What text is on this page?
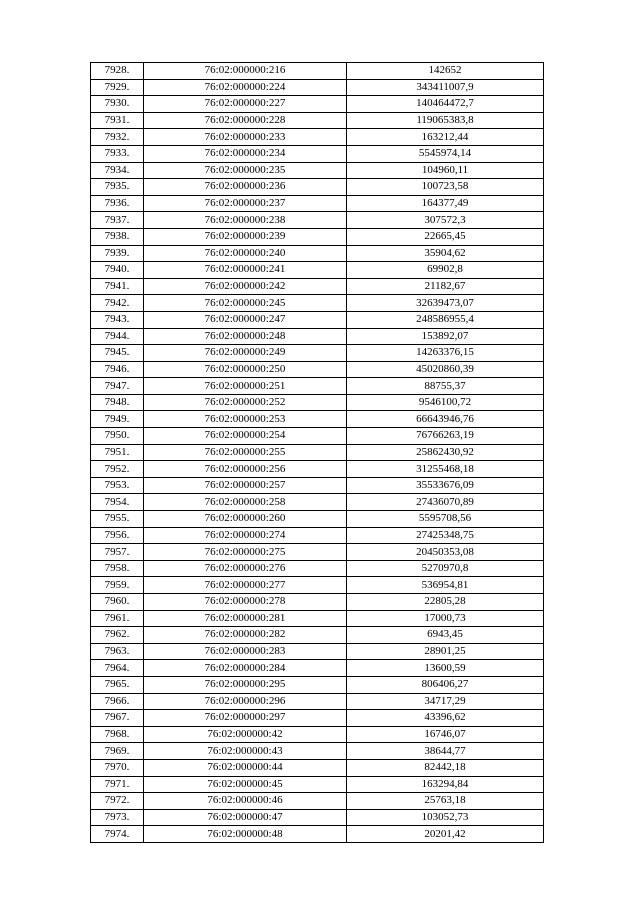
7928.	76:02:000000:216	142652
7929.	76:02:000000:224	343411007,9
7930.	76:02:000000:227	140464472,7
7931.	76:02:000000:228	119065383,8
7932.	76:02:000000:233	163212,44
7933.	76:02:000000:234	5545974,14
7934.	76:02:000000:235	104960,11
7935.	76:02:000000:236	100723,58
7936.	76:02:000000:237	164377,49
7937.	76:02:000000:238	307572,3
7938.	76:02:000000:239	22665,45
7939.	76:02:000000:240	35904,62
7940.	76:02:000000:241	69902,8
7941.	76:02:000000:242	21182,67
7942.	76:02:000000:245	32639473,07
7943.	76:02:000000:247	248586955,4
7944.	76:02:000000:248	153892,07
7945.	76:02:000000:249	14263376,15
7946.	76:02:000000:250	45020860,39
7947.	76:02:000000:251	88755,37
7948.	76:02:000000:252	9546100,72
7949.	76:02:000000:253	66643946,76
7950.	76:02:000000:254	76766263,19
7951.	76:02:000000:255	25862430,92
7952.	76:02:000000:256	31255468,18
7953.	76:02:000000:257	35533676,09
7954.	76:02:000000:258	27436070,89
7955.	76:02:000000:260	5595708,56
7956.	76:02:000000:274	27425348,75
7957.	76:02:000000:275	20450353,08
7958.	76:02:000000:276	5270970,8
7959.	76:02:000000:277	536954,81
7960.	76:02:000000:278	22805,28
7961.	76:02:000000:281	17000,73
7962.	76:02:000000:282	6943,45
7963.	76:02:000000:283	28901,25
7964.	76:02:000000:284	13600,59
7965.	76:02:000000:295	806406,27
7966.	76:02:000000:296	34717,29
7967.	76:02:000000:297	43396,62
7968.	76:02:000000:42	16746,07
7969.	76:02:000000:43	38644,77
7970.	76:02:000000:44	82442,18
7971.	76:02:000000:45	163294,84
7972.	76:02:000000:46	25763,18
7973.	76:02:000000:47	103052,73
7974.	76:02:000000:48	20201,42
